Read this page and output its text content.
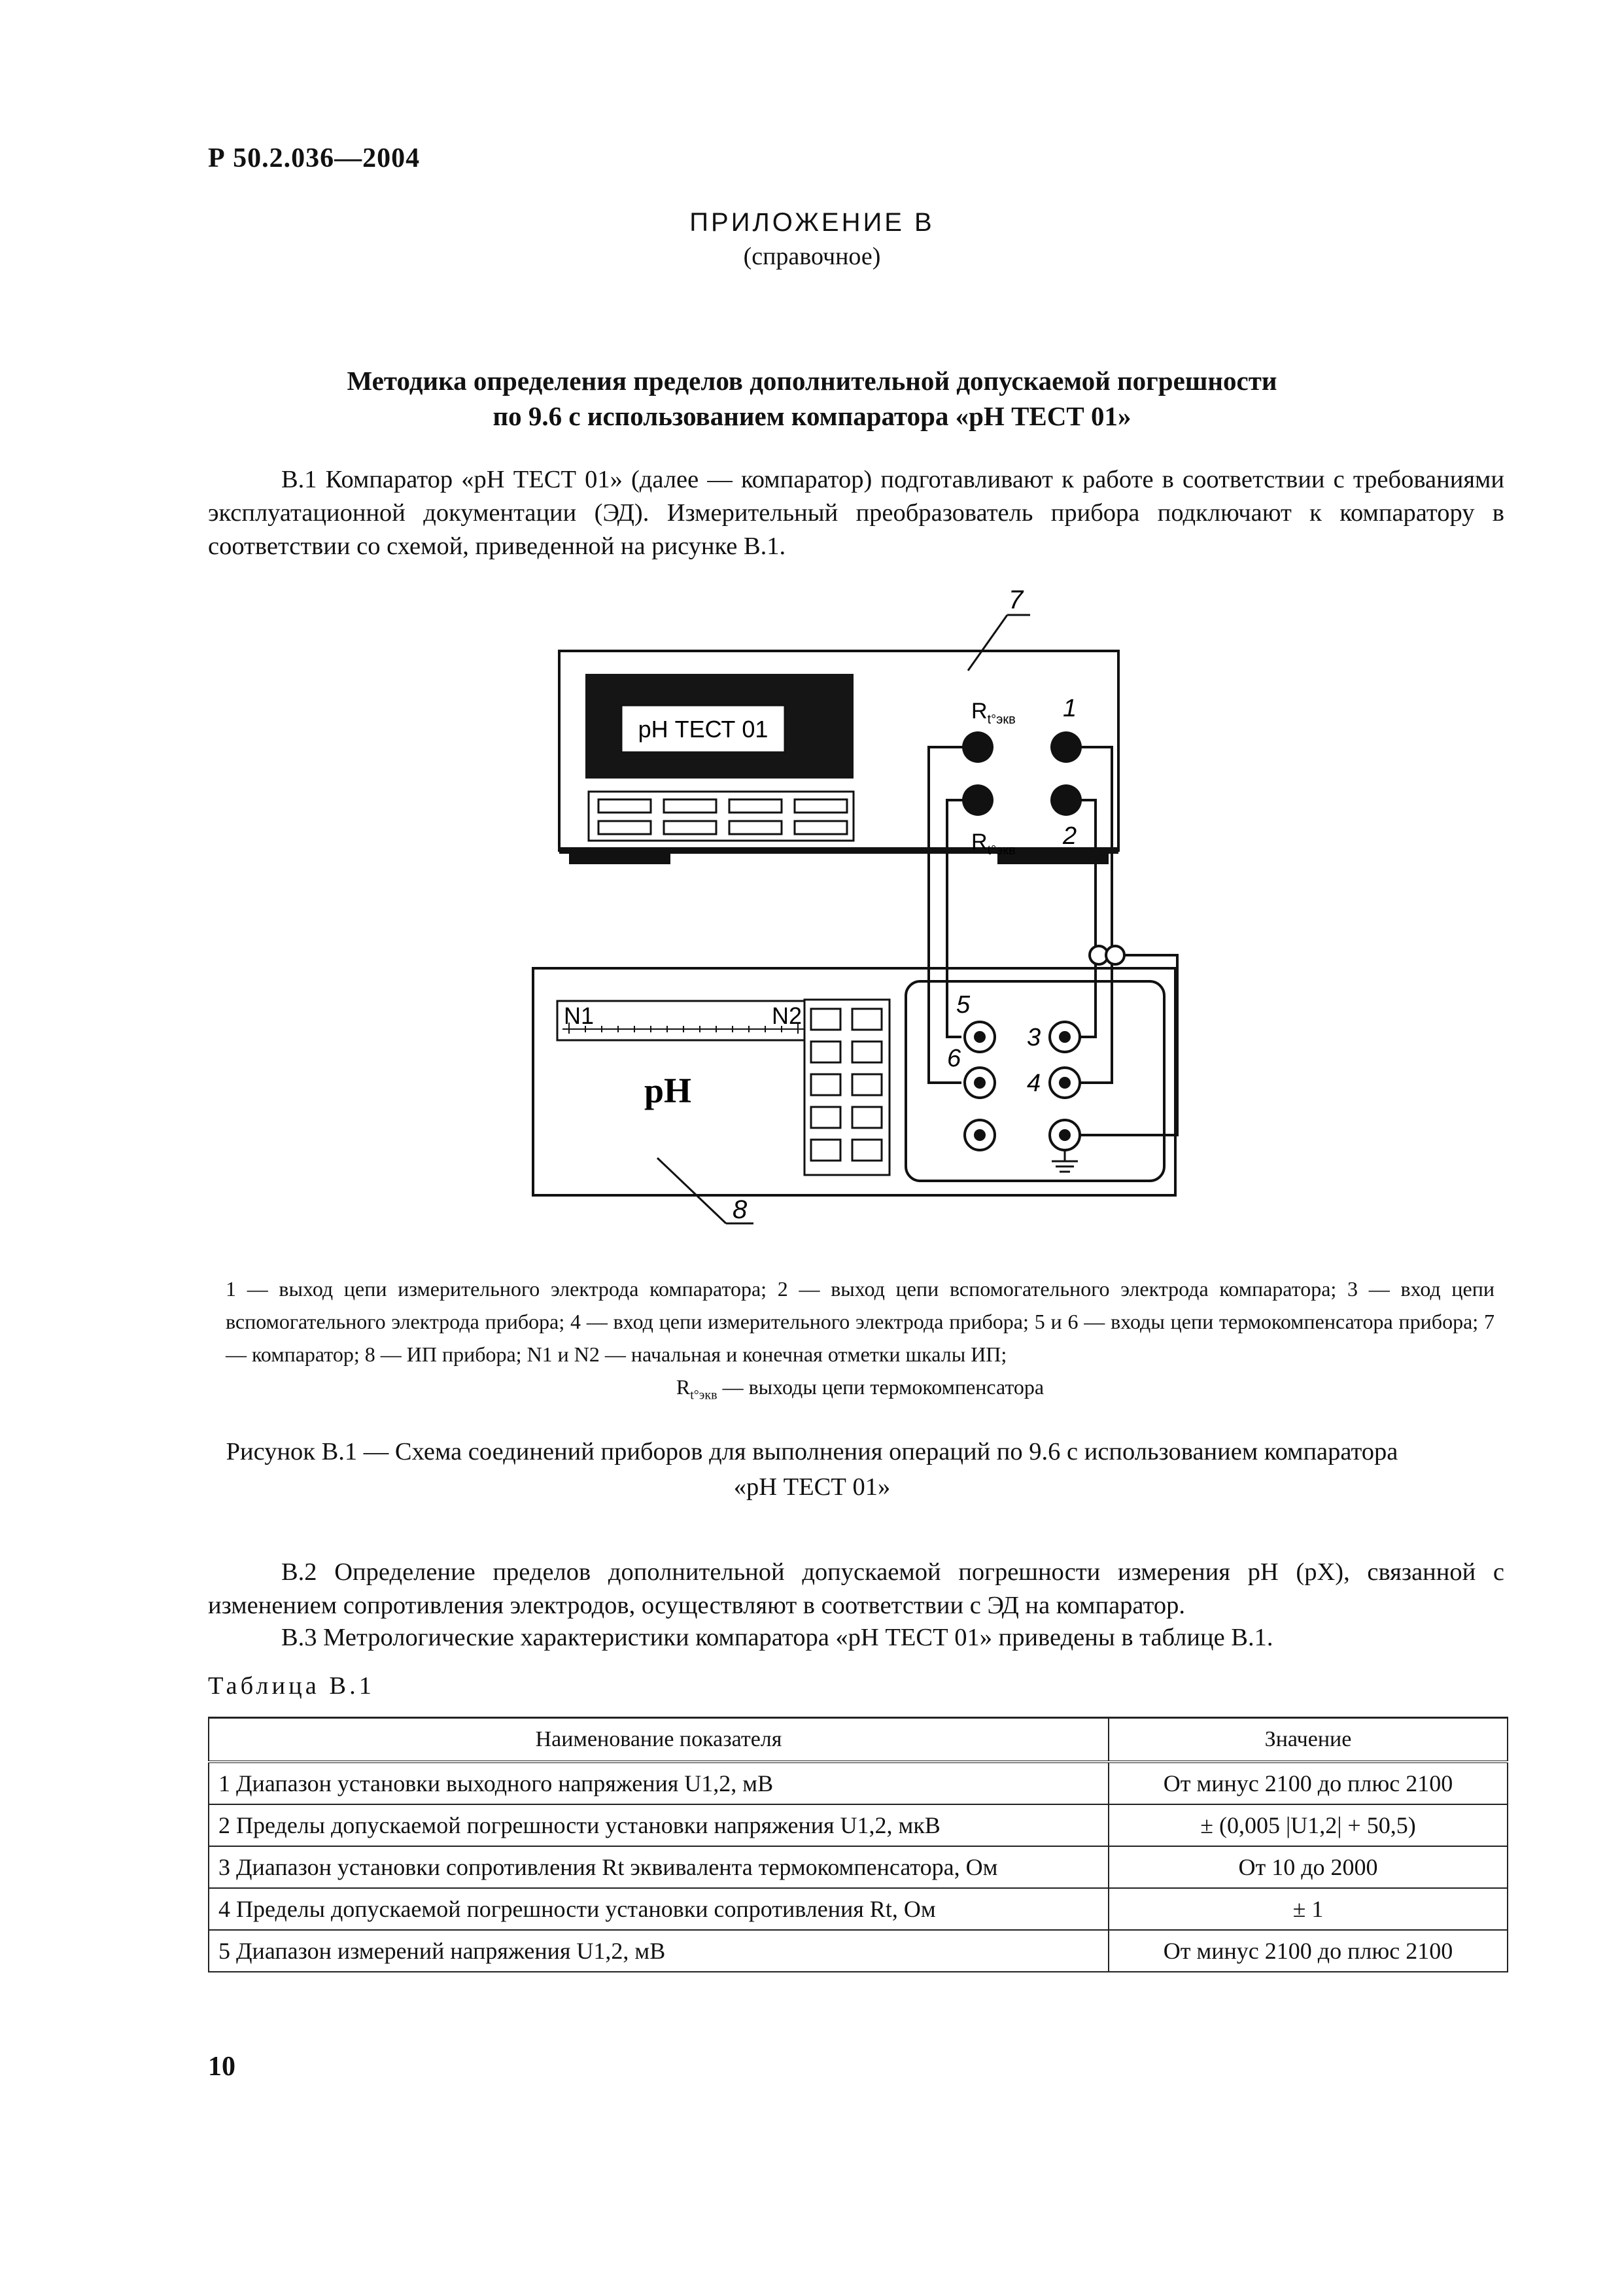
Р 50.2.036—2004
ПРИЛОЖЕНИЕ В
(справочное)
Методика определения пределов дополнительной допускаемой погрешности
по 9.6 с использованием компаратора «pH ТЕСТ 01»
В.1 Компаратор «pH ТЕСТ 01» (далее — компаратор) подготавливают к работе в соответствии с требованиями эксплуатационной документации (ЭД). Измерительный преобразователь прибора подключают к компаратору в соответствии со схемой, приведенной на рисунке В.1.
pH ТЕСТ 01
7
$R_{t^\circ экв}$
$R_{t^\circ экв}$
1
2
N1	N2
pH
5
6
3
4
8
1 — выход цепи измерительного электрода компаратора; 2 — выход цепи вспомогательного электрода компаратора; 3 — вход цепи вспомогательного электрода прибора; 4 — вход цепи измерительного электрода прибора; 5 и 6 — входы цепи термокомпенсатора прибора; 7 — компаратор; 8 — ИП прибора; N1 и N2 — начальная и конечная отметки шкалы ИП;
$R_{t^\circ экв}$ — выходы цепи термокомпенсатора
Рисунок В.1 — Схема соединений приборов для выполнения операций по 9.6 с использованием компаратора
«pH ТЕСТ 01»
В.2 Определение пределов дополнительной допускаемой погрешности измерения pH (pX), связанной с изменением сопротивления электродов, осуществляют в соответствии с ЭД на компаратор.
В.3 Метрологические характеристики компаратора «pH ТЕСТ 01» приведены в таблице В.1.
Таблица В.1
Наименование показателя	Значение
1 Диапазон установки выходного напряжения U1,2, мВ	От минус 2100 до плюс 2100
2 Пределы допускаемой погрешности установки напряжения U1,2, мкВ	± (0,005 |U1,2| + 50,5)
3 Диапазон установки сопротивления Rt эквивалента термокомпенсатора, Ом	От 10 до 2000
4 Пределы допускаемой погрешности установки сопротивления Rt, Ом	± 1
5 Диапазон измерений напряжения U1,2, мВ	От минус 2100 до плюс 2100
10
